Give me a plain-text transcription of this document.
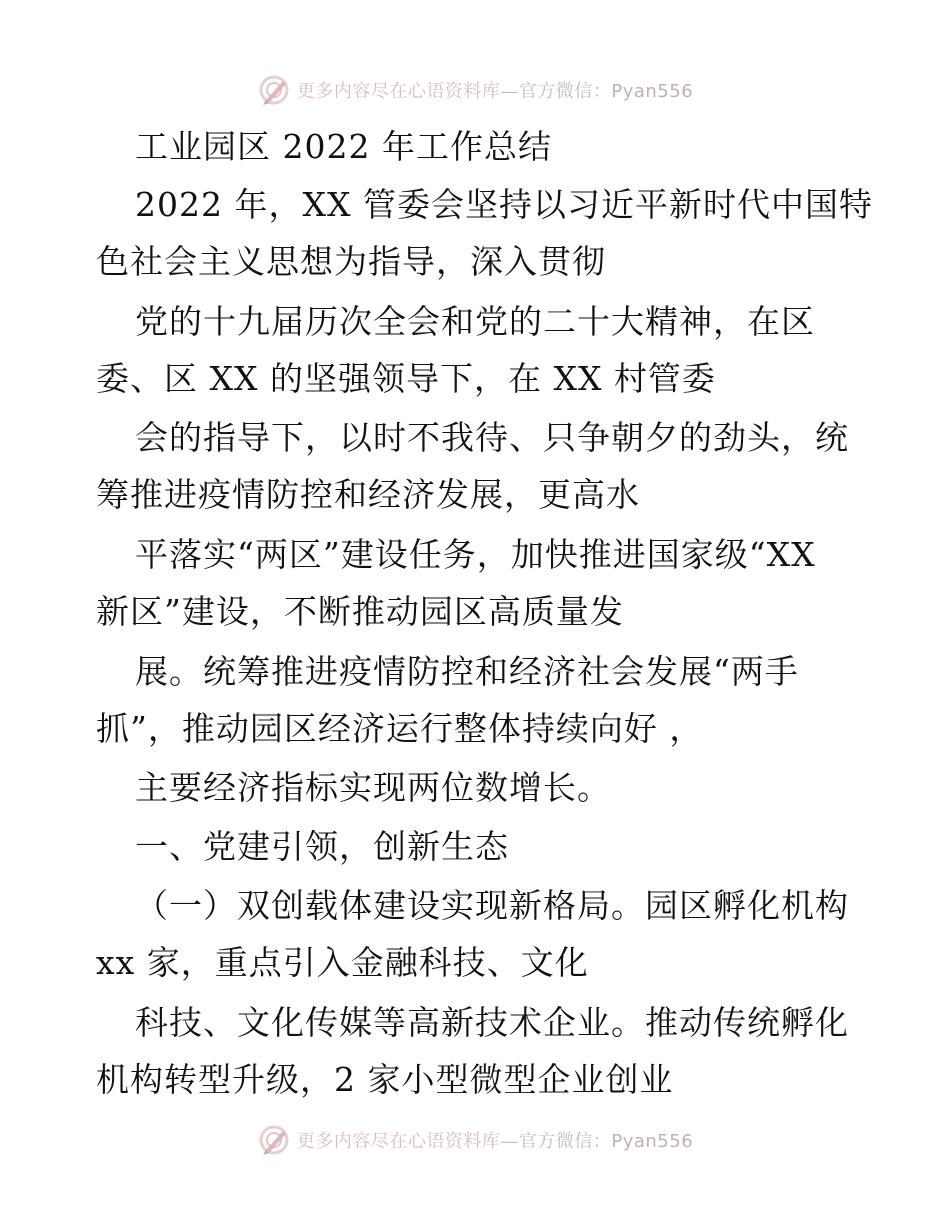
更多内容尽在心语资料库—官方微信：Pyan556
工业园区 2022 年工作总结
2022 年，XX 管委会坚持以习近平新时代中国特
色社会主义思想为指导，深入贯彻
党的十九届历次全会和党的二十大精神，在区
委、区 XX 的坚强领导下，在 XX 村管委
会的指导下，以时不我待、只争朝夕的劲头，统
筹推进疫情防控和经济发展，更高水
平落实“两区”建设任务，加快推进国家级“XX
新区”建设，不断推动园区高质量发
展。统筹推进疫情防控和经济社会发展“两手
抓”，推动园区经济运行整体持续向好 ，
主要经济指标实现两位数增长。
一、党建引领，创新生态
（一）双创载体建设实现新格局。园区孵化机构
xx 家，重点引入金融科技、文化
科技、文化传媒等高新技术企业。推动传统孵化
机构转型升级，2 家小型微型企业创业
更多内容尽在心语资料库—官方微信：Pyan556
